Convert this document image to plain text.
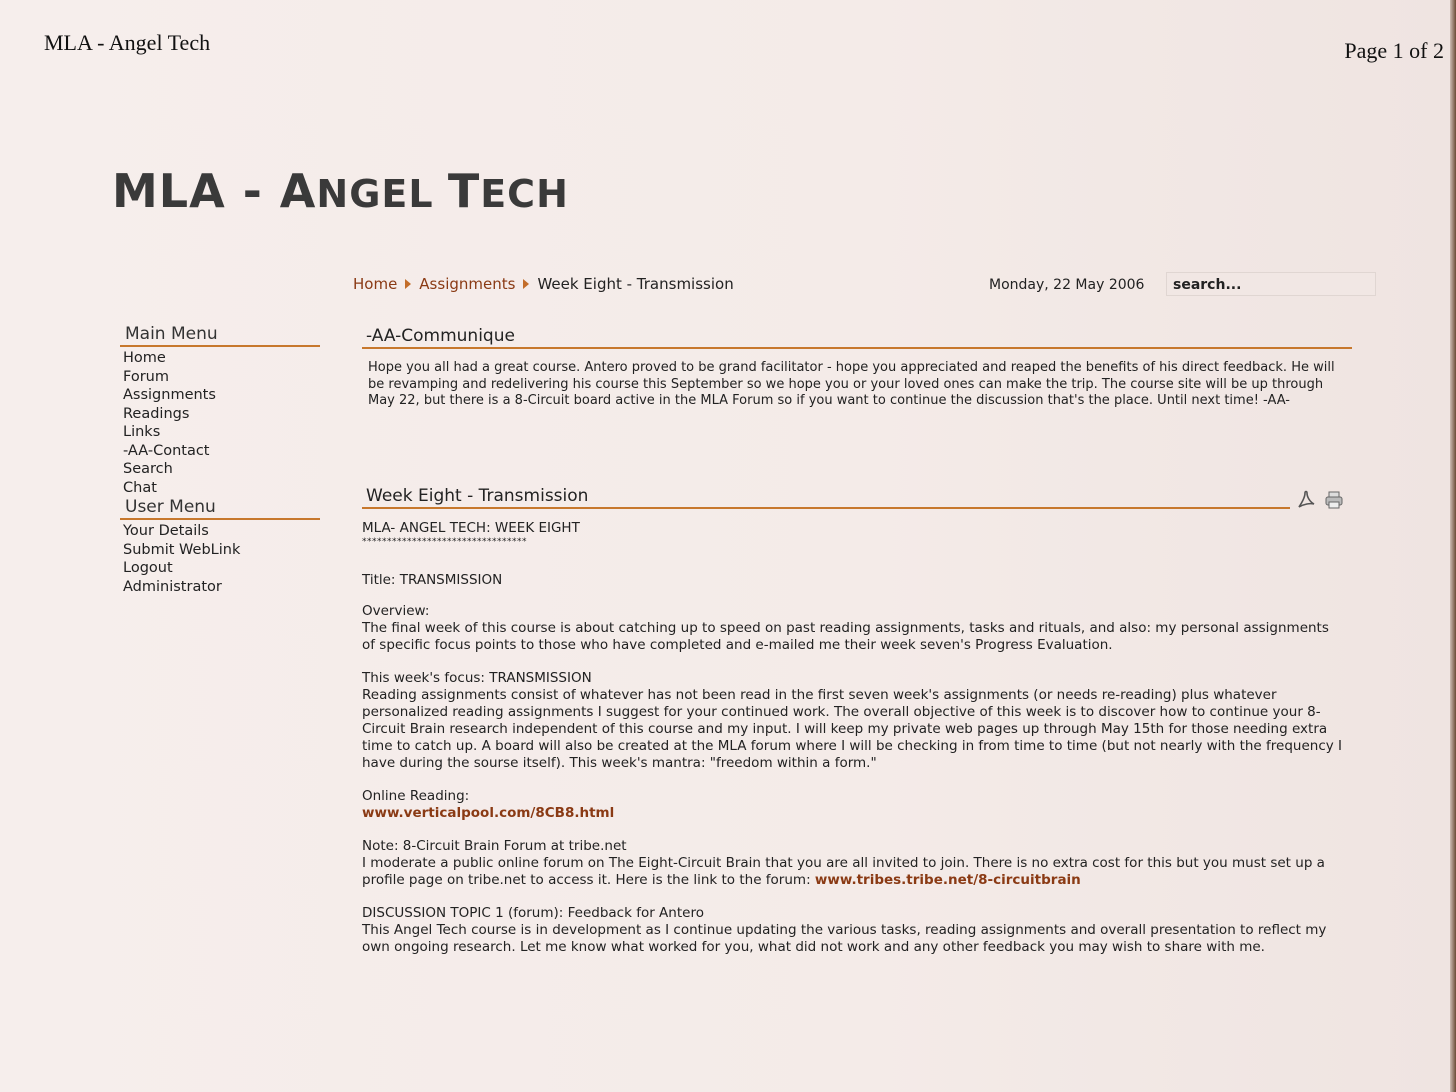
MLA - Angel Tech	Page 1 of 2
MLA - ANGEL TECH
Home Assignments Week Eight - Transmission	Monday, 22 May 2006	search...
Main Menu
Home
Forum
Assignments
Readings
Links
-AA-Contact
Search
Chat
User Menu
Your Details
Submit WebLink
Logout
Administrator
-AA-Communique

Hope you all had a great course. Antero proved to be grand facilitator - hope you appreciated and reaped the benefits of his direct feedback. He will be revamping and redelivering his course this September so we hope you or your loved ones can make the trip. The course site will be up through May 22, but there is a 8-Circuit board active in the MLA Forum so if you want to continue the discussion that's the place. Until next time! -AA-

Week Eight - Transmission

MLA- ANGEL TECH: WEEK EIGHT

*********************************

Title: TRANSMISSION

Overview:

The final week of this course is about catching up to speed on past reading assignments, tasks and rituals, and also: my personal assignments of specific focus points to those who have completed and e-mailed me their week seven's Progress Evaluation.

This week's focus: TRANSMISSION

Reading assignments consist of whatever has not been read in the first seven week's assignments (or needs re-reading) plus whatever personalized reading assignments I suggest for your continued work. The overall objective of this week is to discover how to continue your 8-Circuit Brain research independent of this course and my input. I will keep my private web pages up through May 15th for those needing extra time to catch up. A board will also be created at the MLA forum where I will be checking in from time to time (but not nearly with the frequency I have during the sourse itself). This week's mantra: "freedom within a form."

Online Reading:

www.verticalpool.com/8CB8.html

Note: 8-Circuit Brain Forum at tribe.net

I moderate a public online forum on The Eight-Circuit Brain that you are all invited to join. There is no extra cost for this but you must set up a profile page on tribe.net to access it. Here is the link to the forum: www.tribes.tribe.net/8-circuitbrain

DISCUSSION TOPIC 1 (forum): Feedback for Antero

This Angel Tech course is in development as I continue updating the various tasks, reading assignments and overall presentation to reflect my own ongoing research. Let me know what worked for you, what did not work and any other feedback you may wish to share with me.
